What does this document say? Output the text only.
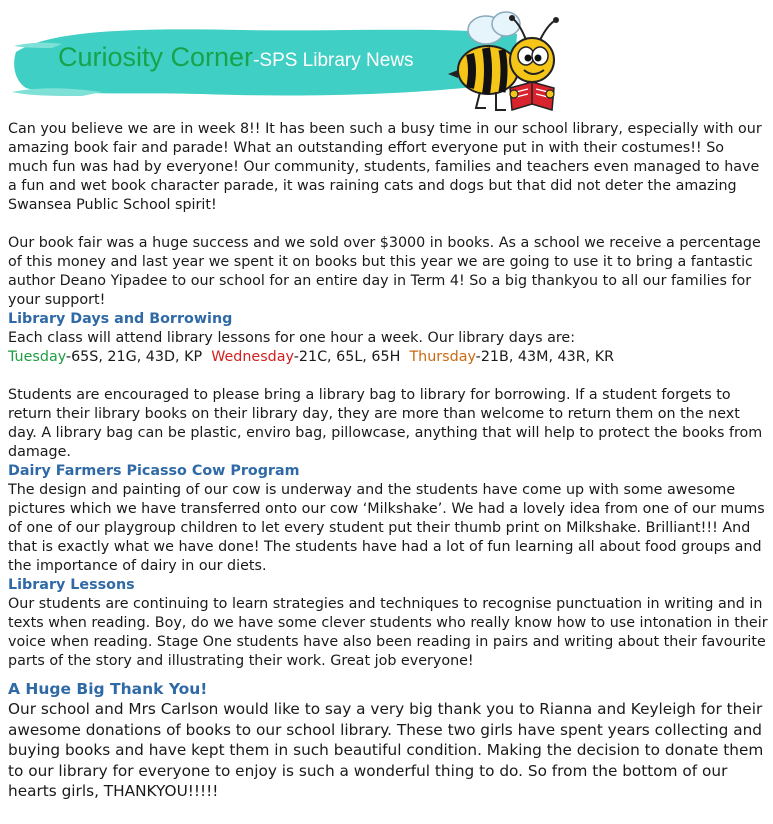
Curiosity Corner-SPS Library News

Can you believe we are in week 8!! It has been such a busy time in our school library, especially with our amazing book fair and parade! What an outstanding effort everyone put in with their costumes!! So much fun was had by everyone! Our community, students, families and teachers even managed to have a fun and wet book character parade, it was raining cats and dogs but that did not deter the amazing Swansea Public School spirit!

Our book fair was a huge success and we sold over $3000 in books. As a school we receive a percentage of this money and last year we spent it on books but this year we are going to use it to bring a fantastic author Deano Yipadee to our school for an entire day in Term 4! So a big thankyou to all our families for your support!

Library Days and Borrowing

Each class will attend library lessons for one hour a week. Our library days are:

Tuesday-65S, 21G, 43D, KP Wednesday-21C, 65L, 65H Thursday-21B, 43M, 43R, KR

Students are encouraged to please bring a library bag to library for borrowing. If a student forgets to return their library books on their library day, they are more than welcome to return them on the next day. A library bag can be plastic, enviro bag, pillowcase, anything that will help to protect the books from damage.

Dairy Farmers Picasso Cow Program

The design and painting of our cow is underway and the students have come up with some awesome pictures which we have transferred onto our cow ‘Milkshake’. We had a lovely idea from one of our mums of one of our playgroup children to let every student put their thumb print on Milkshake. Brilliant!!! And that is exactly what we have done! The students have had a lot of fun learning all about food groups and the importance of dairy in our diets.

Library Lessons

Our students are continuing to learn strategies and techniques to recognise punctuation in writing and in texts when reading. Boy, do we have some clever students who really know how to use intonation in their voice when reading. Stage One students have also been reading in pairs and writing about their favourite parts of the story and illustrating their work. Great job everyone!

A Huge Big Thank You!

Our school and Mrs Carlson would like to say a very big thank you to Rianna and Keyleigh for their awesome donations of books to our school library. These two girls have spent years collecting and buying books and have kept them in such beautiful condition. Making the decision to donate them to our library for everyone to enjoy is such a wonderful thing to do. So from the bottom of our hearts girls, THANKYOU!!!!!
